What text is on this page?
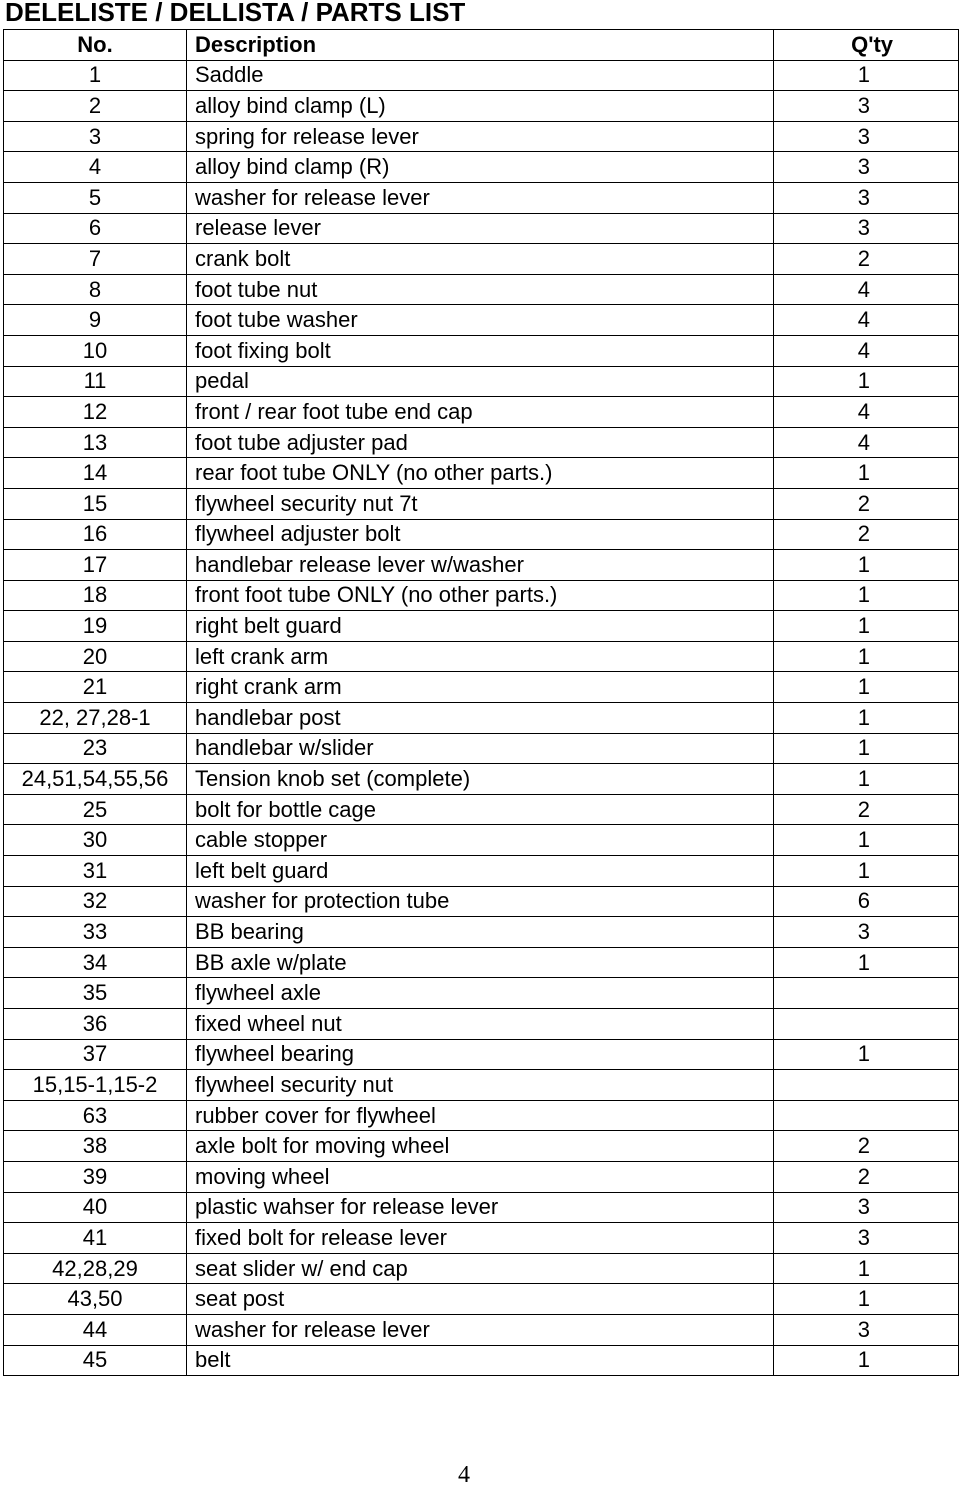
DELELISTE / DELLISTA / PARTS LIST
No.	Description	Q'ty
1	Saddle	1
2	alloy bind clamp (L)	3
3	spring for release lever	3
4	alloy bind clamp (R)	3
5	washer for release lever	3
6	release lever	3
7	crank bolt	2
8	foot tube nut	4
9	foot tube washer	4
10	foot fixing bolt	4
11	pedal	1
12	front / rear foot tube end cap	4
13	foot tube adjuster pad	4
14	rear foot tube ONLY (no other parts.)	1
15	flywheel security nut 7t	2
16	flywheel adjuster bolt	2
17	handlebar release lever w/washer	1
18	front foot tube ONLY (no other parts.)	1
19	right belt guard	1
20	left crank arm	1
21	right crank arm	1
22, 27,28-1	handlebar post	1
23	handlebar w/slider	1
24,51,54,55,56	Tension knob set (complete)	1
25	bolt for bottle cage	2
30	cable stopper	1
31	left belt guard	1
32	washer for protection tube	6
33	BB bearing	3
34	BB axle w/plate	1
35	flywheel axle	
36	fixed wheel nut	
37	flywheel bearing	1
15,15-1,15-2	flywheel security nut	
63	rubber cover for flywheel	
38	axle bolt for moving wheel	2
39	moving wheel	2
40	plastic wahser for release lever	3
41	fixed bolt for release lever	3
42,28,29	seat slider w/ end cap	1
43,50	seat post	1
44	washer for release lever	3
45	belt	1
4
